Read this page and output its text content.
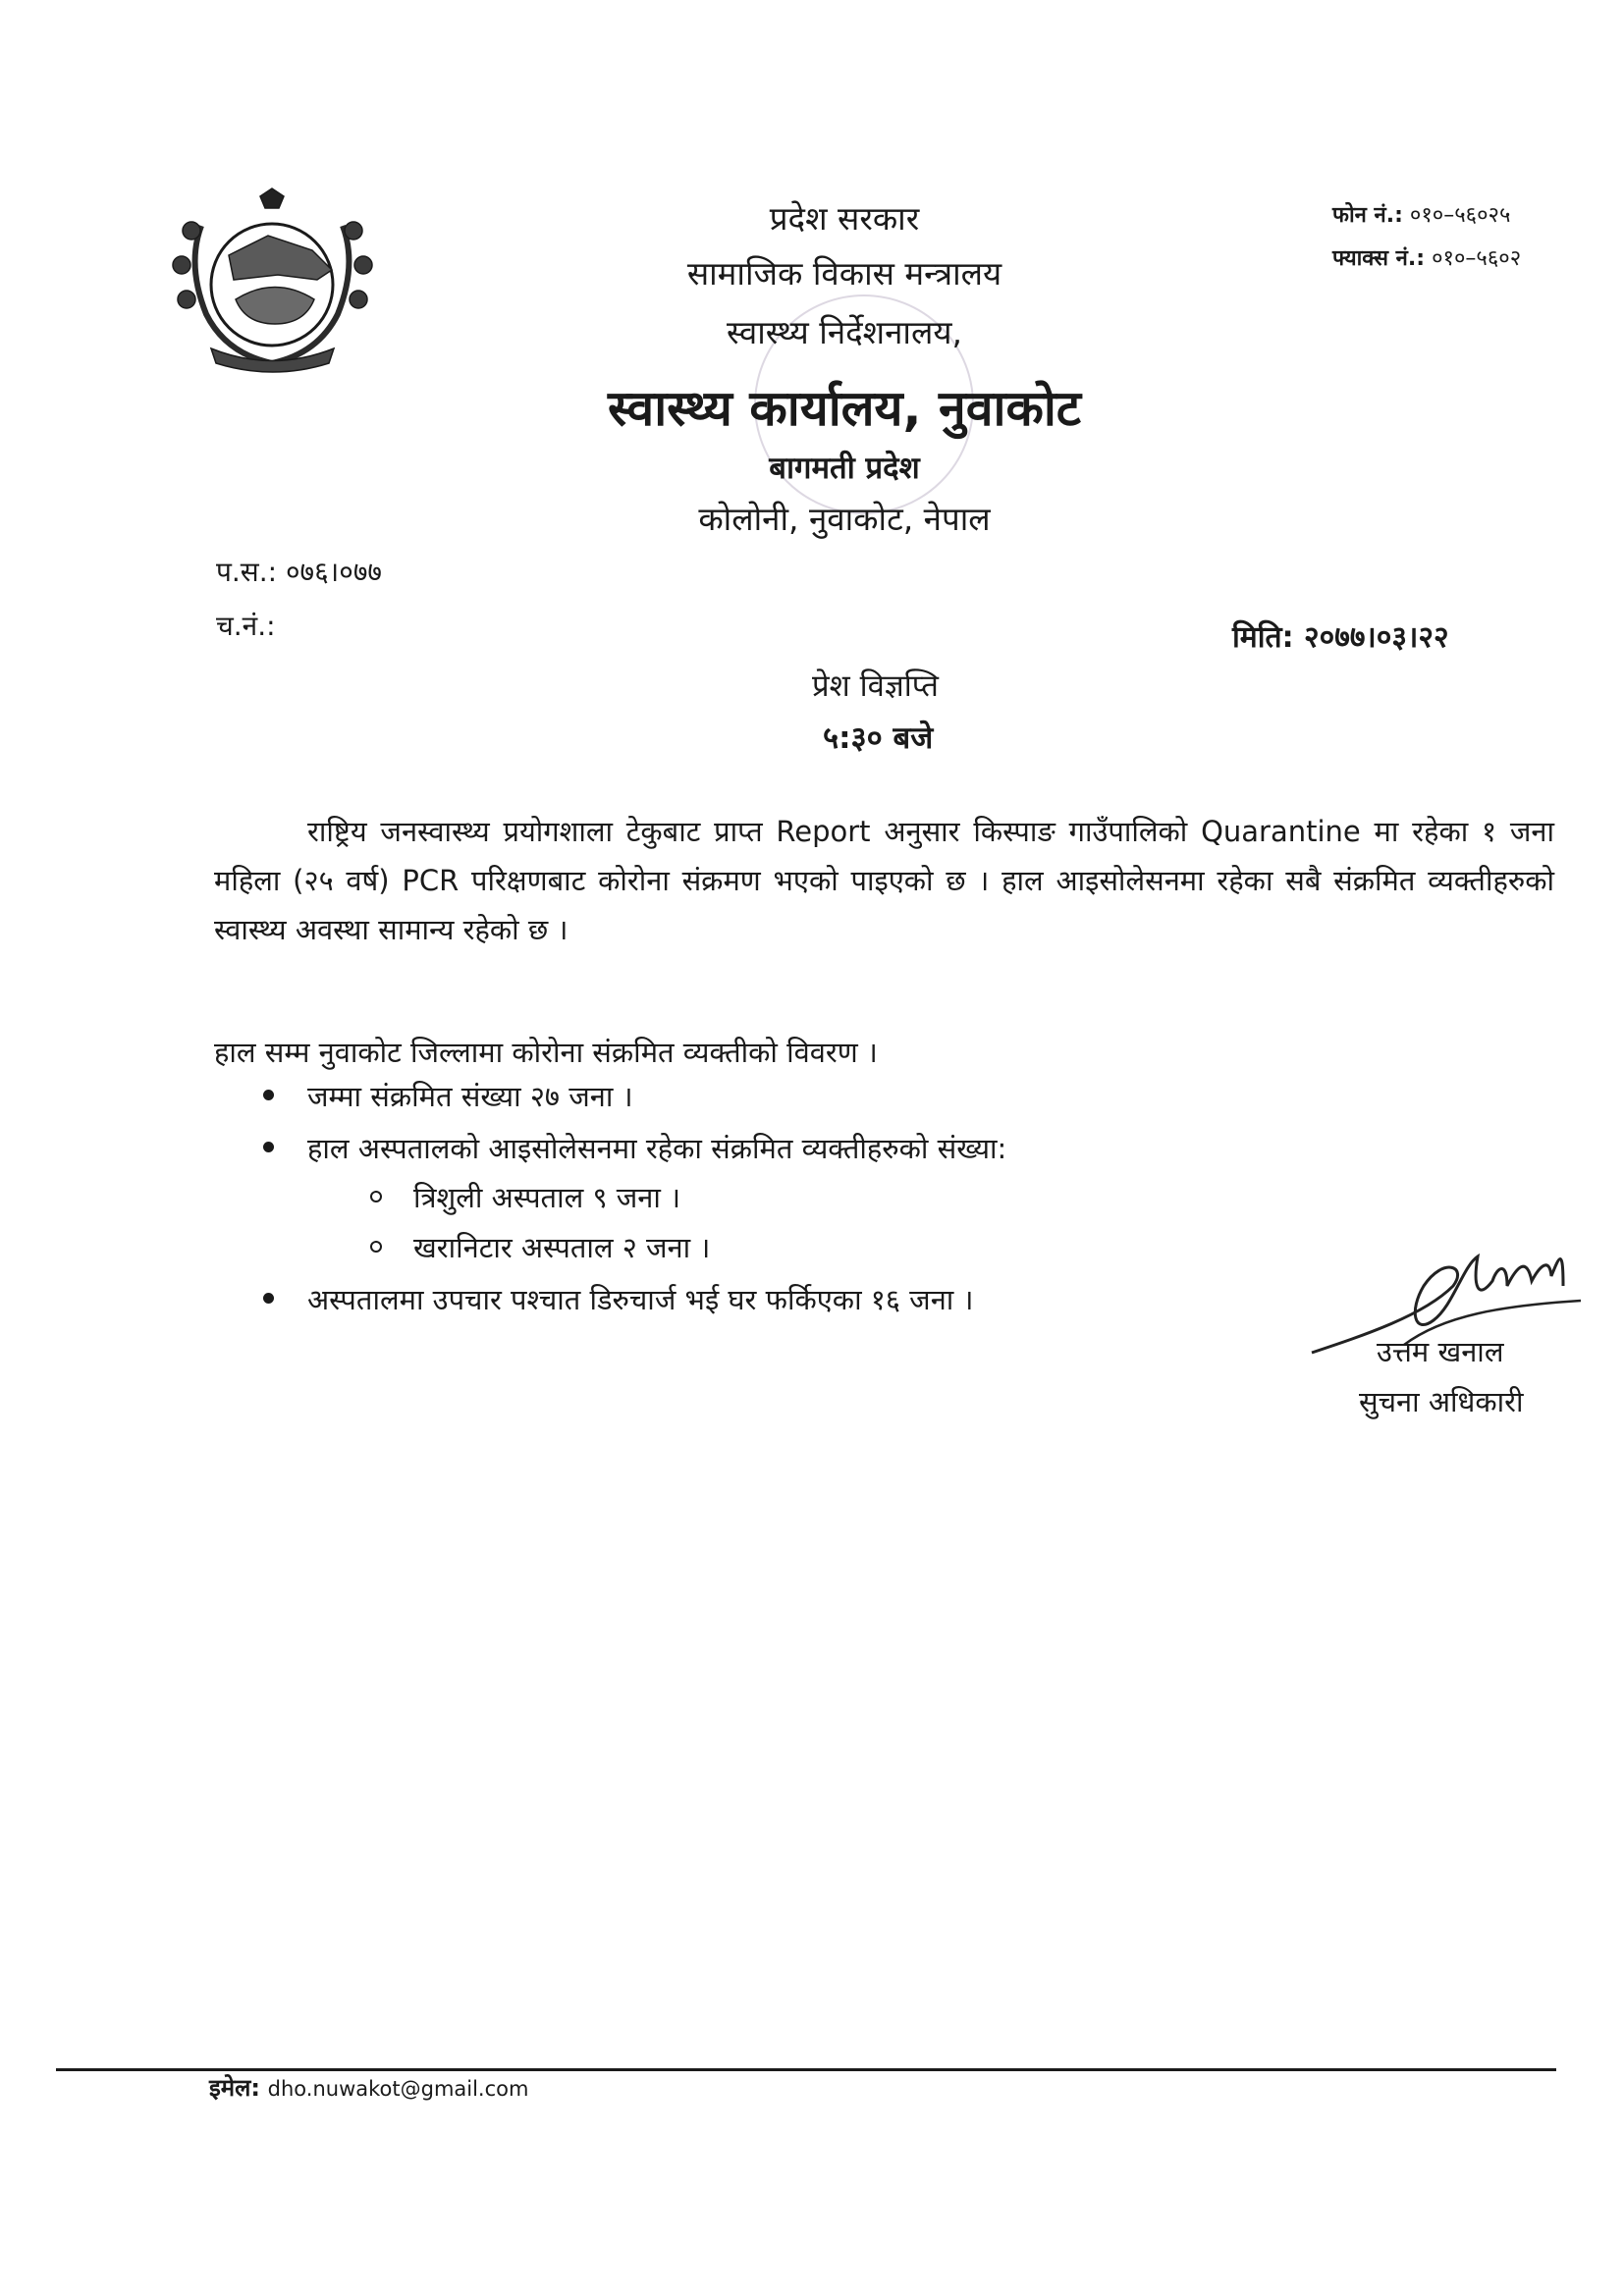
प्रदेश सरकार
सामाजिक विकास मन्त्रालय
स्वास्थ्य निर्देशनालय,
स्वास्थ्य कार्यालय, नुवाकोट
बागमती प्रदेश
कोलोनी, नुवाकोट, नेपाल
फोन नं.: ०१०–५६०२५
फ्याक्स नं.: ०१०–५६०२
प.स.: ०७६।०७७
च.नं.:	मिति: २०७७।०३।२२
प्रेश विज्ञप्ति
५:३० बजे
राष्ट्रिय जनस्वास्थ्य प्रयोगशाला टेकुबाट प्राप्त Report अनुसार किस्पाङ गाउँपालिको Quarantine मा रहेका १ जना महिला (२५ वर्ष) PCR परिक्षणबाट कोरोना संक्रमण भएको पाइएको छ । हाल आइसोलेसनमा रहेका सबै संक्रमित व्यक्तीहरुको स्वास्थ्य अवस्था सामान्य रहेको छ ।
हाल सम्म नुवाकोट जिल्लामा कोरोना संक्रमित व्यक्तीको विवरण ।
जम्मा संक्रमित संख्या २७ जना ।
हाल अस्पतालको आइसोलेसनमा रहेका संक्रमित व्यक्तीहरुको संख्या:
त्रिशुली अस्पताल ९ जना ।
खरानिटार अस्पताल २ जना ।
अस्पतालमा उपचार पश्चात डिरुचार्ज भई घर फर्किएका १६ जना ।
उत्तम खनाल
सुचना अधिकारी
इमेल: dho.nuwakot@gmail.com
